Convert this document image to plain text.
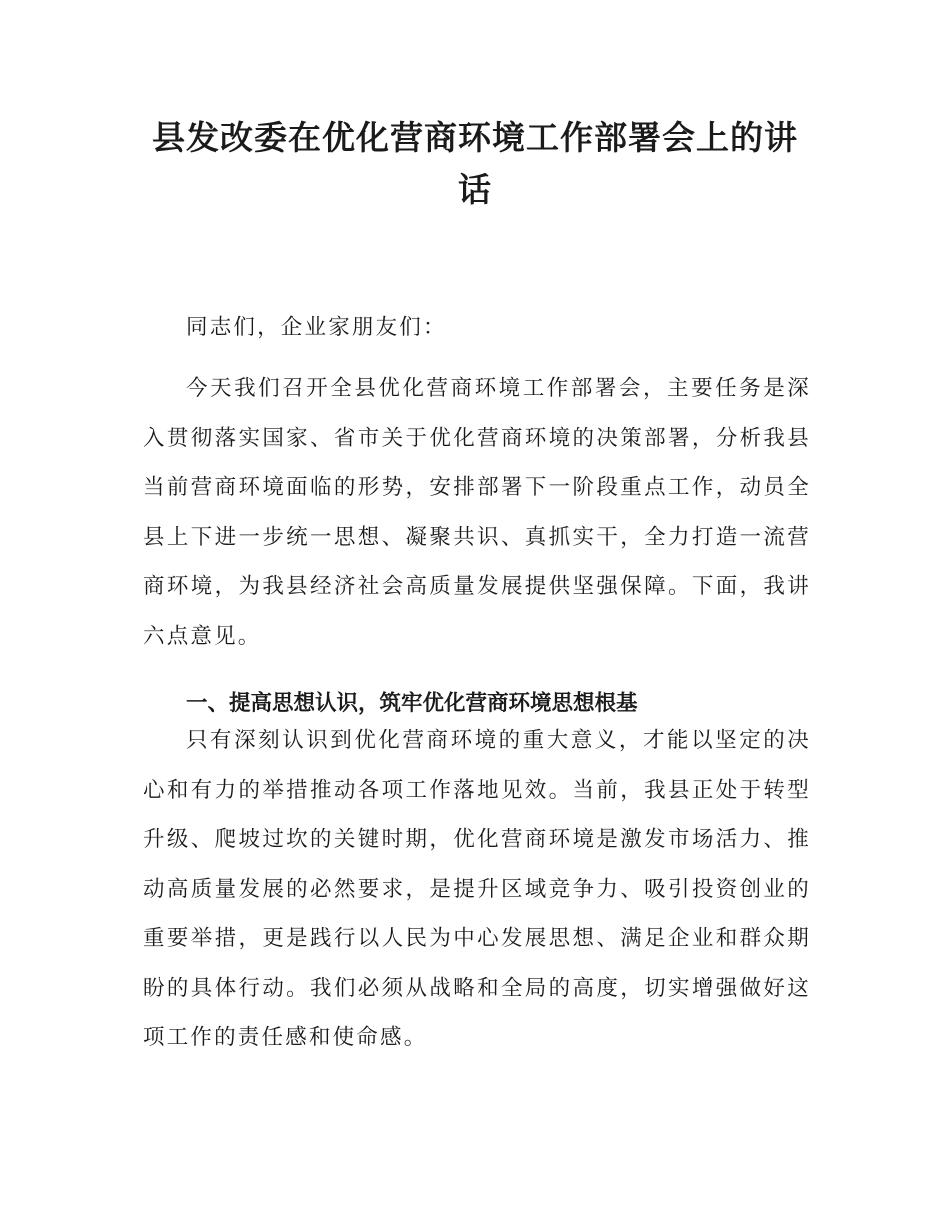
县发改委在优化营商环境工作部署会上的讲话

同志们，企业家朋友们：

今天我们召开全县优化营商环境工作部署会，主要任务是深入贯彻落实国家、省市关于优化营商环境的决策部署，分析我县当前营商环境面临的形势，安排部署下一阶段重点工作，动员全县上下进一步统一思想、凝聚共识、真抓实干，全力打造一流营商环境，为我县经济社会高质量发展提供坚强保障。下面，我讲六点意见。

一、提高思想认识，筑牢优化营商环境思想根基

只有深刻认识到优化营商环境的重大意义，才能以坚定的决心和有力的举措推动各项工作落地见效。当前，我县正处于转型升级、爬坡过坎的关键时期，优化营商环境是激发市场活力、推动高质量发展的必然要求，是提升区域竞争力、吸引投资创业的重要举措，更是践行以人民为中心发展思想、满足企业和群众期盼的具体行动。我们必须从战略和全局的高度，切实增强做好这项工作的责任感和使命感。
